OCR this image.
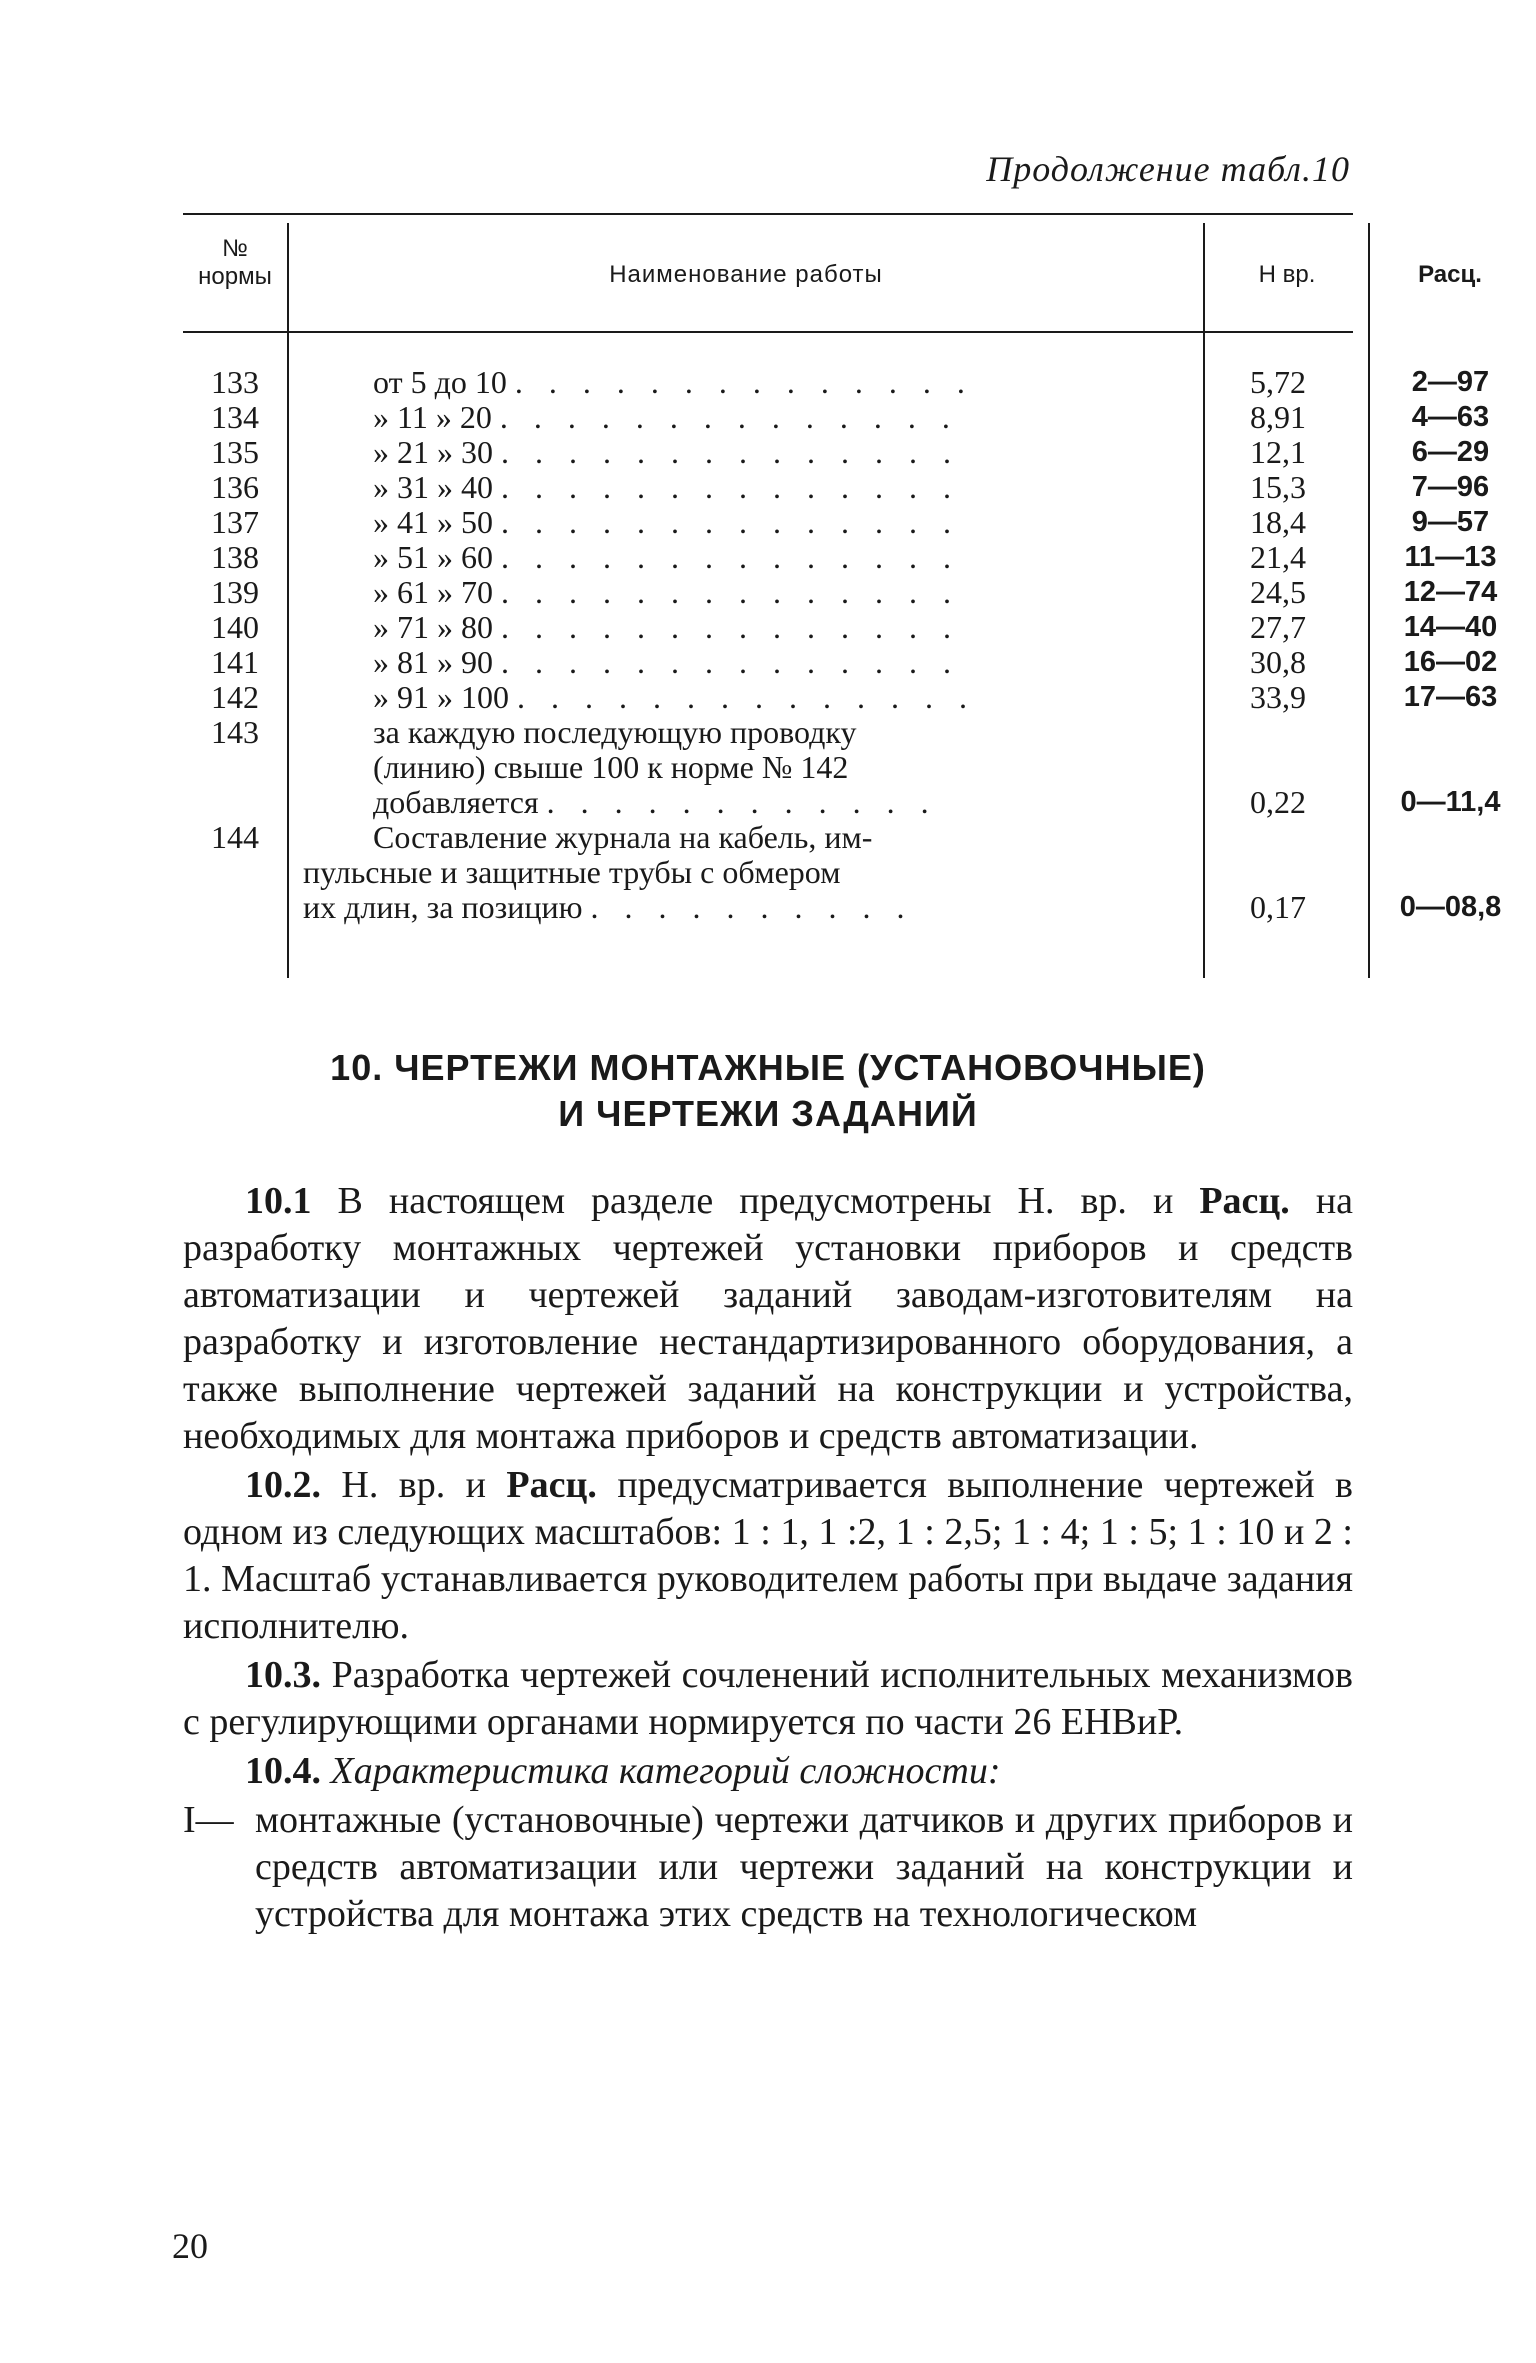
Продолжение табл.10
№ нормы	Наименование работы	Н вр.	Расц.
133	от 5 до 10 . . . . . . . . . . . . . .	5,72	2—97
134	» 11 » 20 . . . . . . . . . . . . . .	8,91	4—63
135	» 21 » 30 . . . . . . . . . . . . . .	12,1	6—29
136	» 31 » 40 . . . . . . . . . . . . . .	15,3	7—96
137	» 41 » 50 . . . . . . . . . . . . . .	18,4	9—57
138	» 51 » 60 . . . . . . . . . . . . . .	21,4	11—13
139	» 61 » 70 . . . . . . . . . . . . . .	24,5	12—74
140	» 71 » 80 . . . . . . . . . . . . . .	27,7	14—40
141	» 81 » 90 . . . . . . . . . . . . . .	30,8	16—02
142	» 91 » 100 . . . . . . . . . . . . . .	33,9	17—63
143	за каждую последующую проводку
(линию) свыше 100 к норме № 142
добавляется . . . . . . . . . . . .	0,22	0—11,4
144	Составление журнала на кабель, им-
пульсные и защитные трубы с обмером
их длин, за позицию . . . . . . . . . .	0,17	0—08,8
10. ЧЕРТЕЖИ МОНТАЖНЫЕ (УСТАНОВОЧНЫЕ)
И ЧЕРТЕЖИ ЗАДАНИЙ

10.1 В настоящем разделе предусмотрены Н. вр. и Расц. на разработку монтажных чертежей установки приборов и средств автоматизации и чертежей заданий заводам-изготовителям на разработку и изготовление нестандартизированного оборудования, а также выполнение чертежей заданий на конструкции и устройства, необходимых для монтажа приборов и средств автоматизации.

10.2. Н. вр. и Расц. предусматривается выполнение чертежей в одном из следующих масштабов: 1 : 1, 1 :2, 1 : 2,5; 1 : 4; 1 : 5; 1 : 10 и 2 : 1. Масштаб устанавливается руководителем работы при выдаче задания исполнителю.

10.3. Разработка чертежей сочленений исполнительных механизмов с регулирующими органами нормируется по части 26 ЕНВиР.

10.4. Характеристика категорий сложности:

I— монтажные (установочные) чертежи датчиков и других приборов и средств автоматизации или чертежи заданий на конструкции и устройства для монтажа этих средств на технологическом

20
